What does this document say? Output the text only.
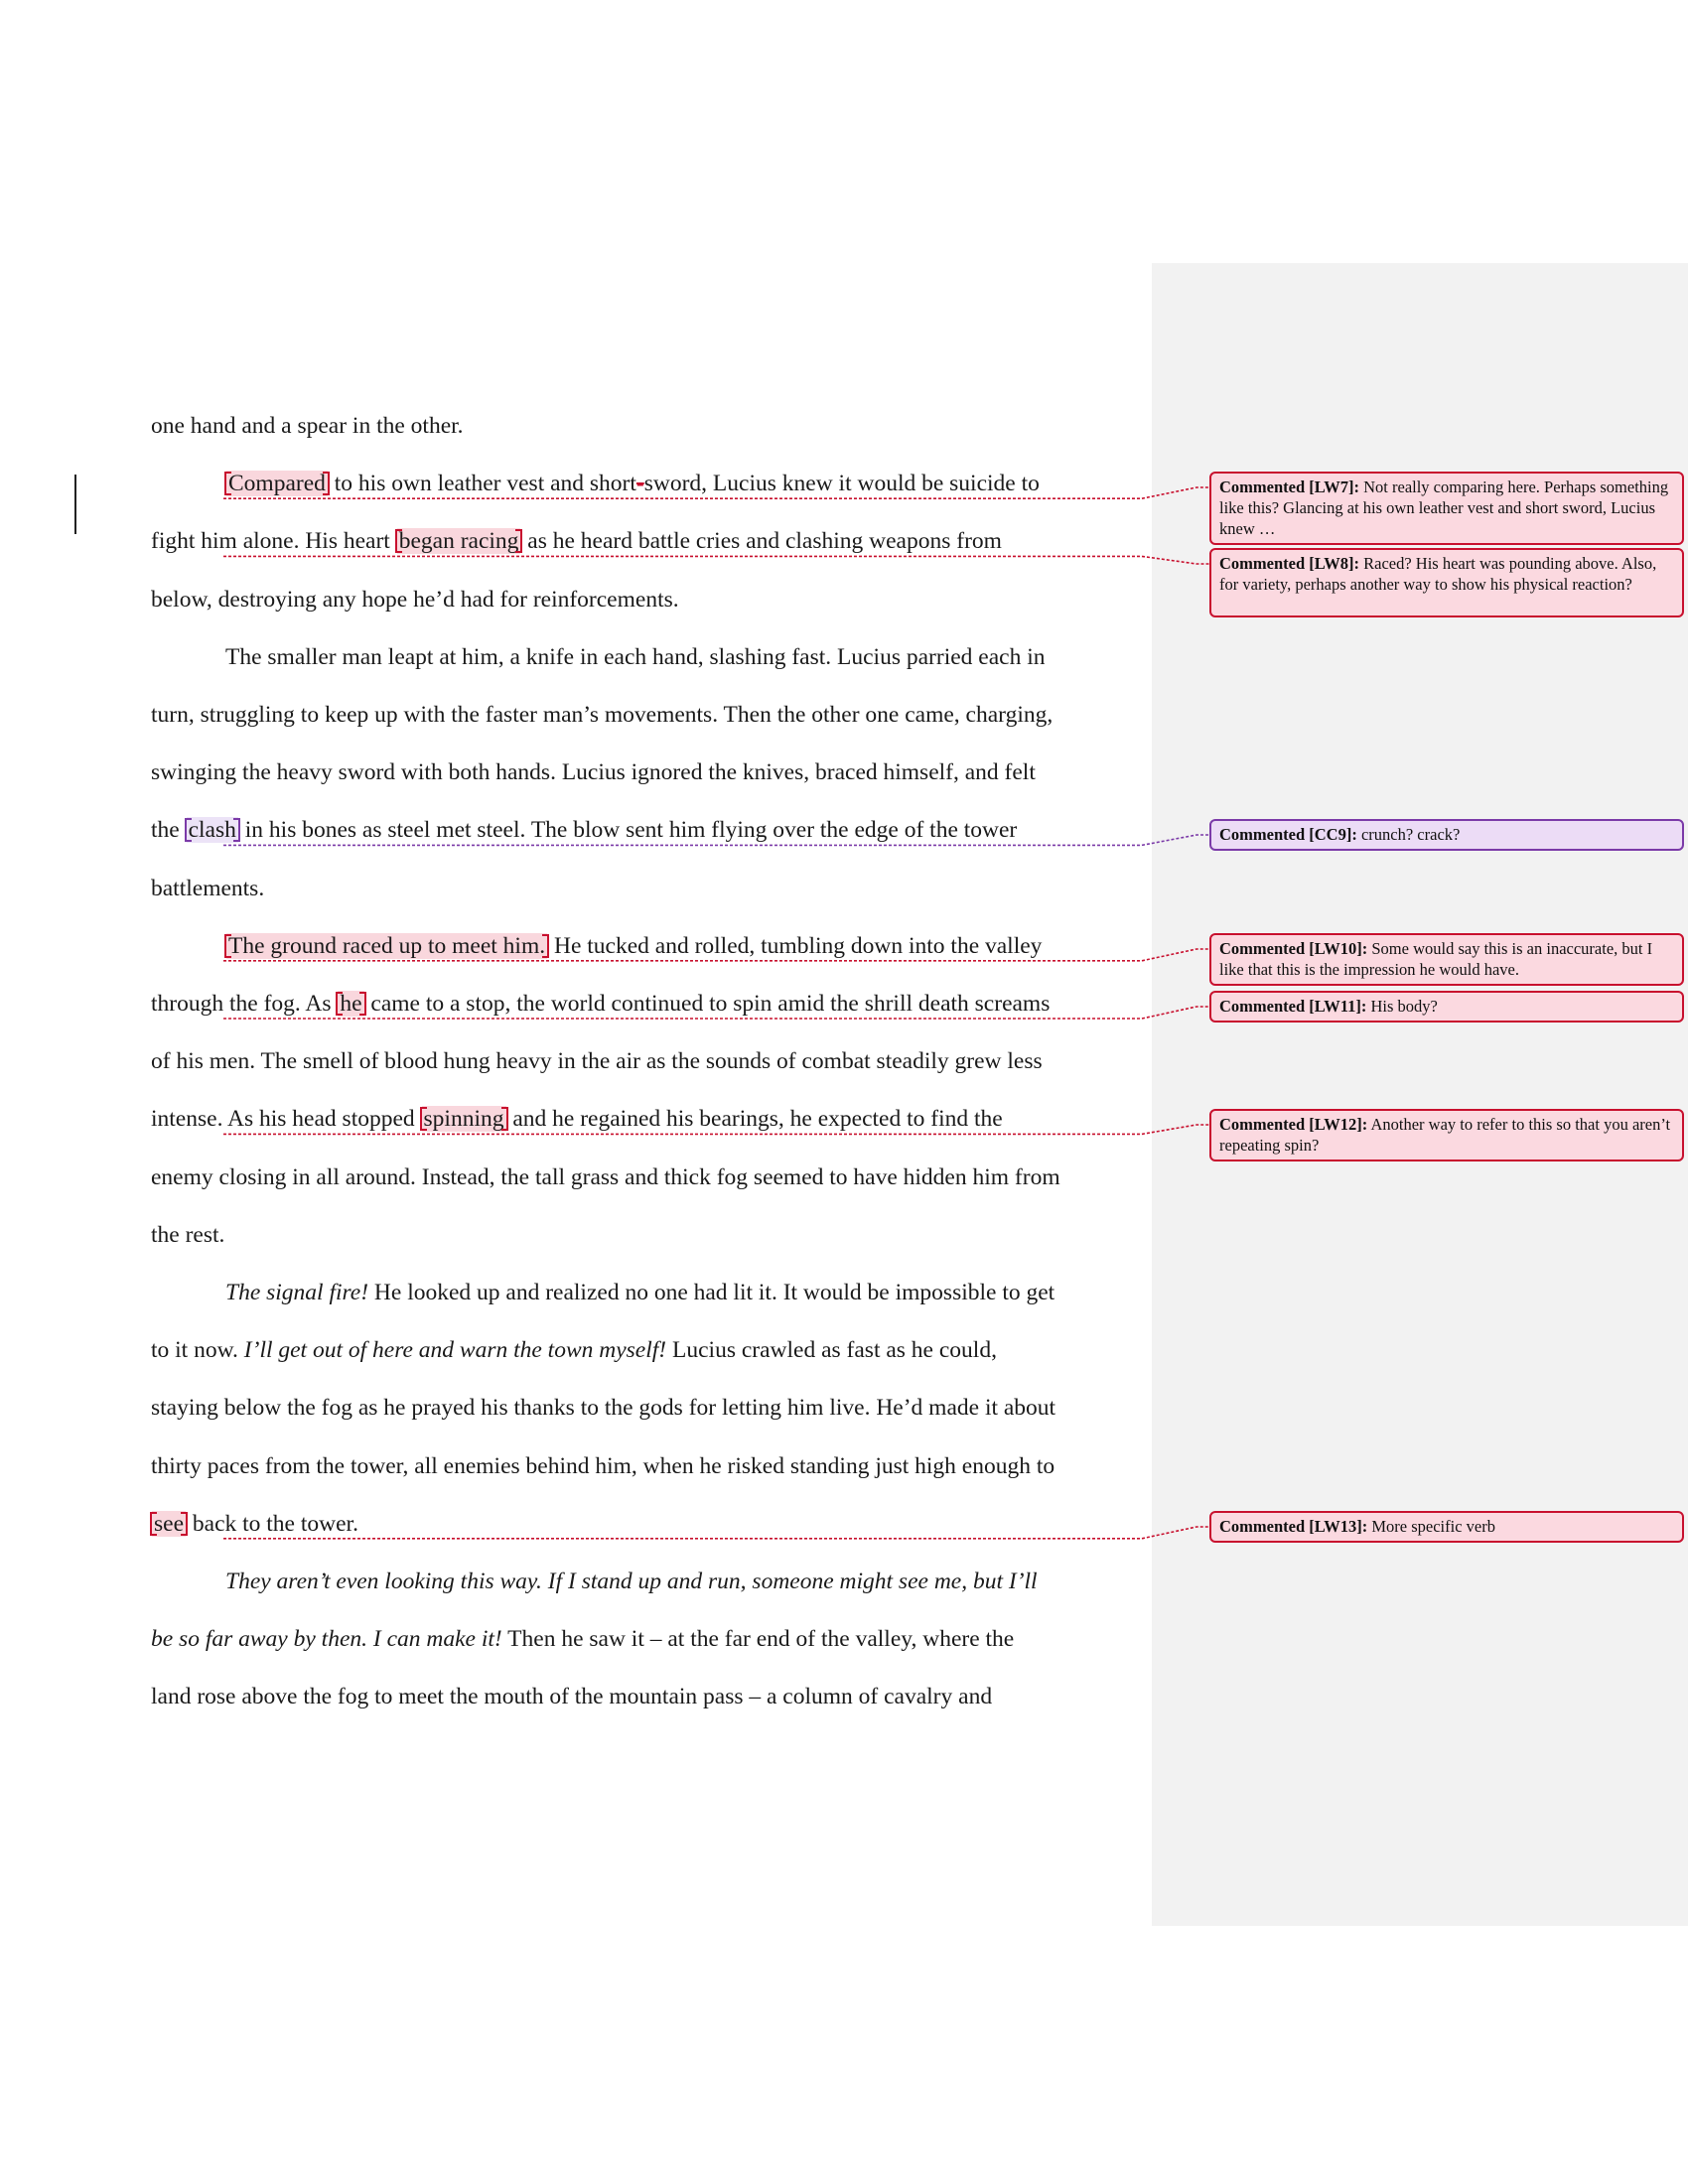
one hand and a spear in the other.
Compared to his own leather vest and short-sword, Lucius knew it would be suicide to
fight him alone. His heart began racing as he heard battle cries and clashing weapons from
below, destroying any hope he’d had for reinforcements.
The smaller man leapt at him, a knife in each hand, slashing fast. Lucius parried each in
turn, struggling to keep up with the faster man’s movements. Then the other one came, charging,
swinging the heavy sword with both hands. Lucius ignored the knives, braced himself, and felt
the clash in his bones as steel met steel. The blow sent him flying over the edge of the tower
battlements.
The ground raced up to meet him. He tucked and rolled, tumbling down into the valley
through the fog. As he came to a stop, the world continued to spin amid the shrill death screams
of his men. The smell of blood hung heavy in the air as the sounds of combat steadily grew less
intense. As his head stopped spinning and he regained his bearings, he expected to find the
enemy closing in all around. Instead, the tall grass and thick fog seemed to have hidden him from
the rest.
The signal fire! He looked up and realized no one had lit it. It would be impossible to get
to it now. I’ll get out of here and warn the town myself! Lucius crawled as fast as he could,
staying below the fog as he prayed his thanks to the gods for letting him live. He’d made it about
thirty paces from the tower, all enemies behind him, when he risked standing just high enough to
see back to the tower.
They aren’t even looking this way. If I stand up and run, someone might see me, but I’ll
be so far away by then. I can make it! Then he saw it – at the far end of the valley, where the
land rose above the fog to meet the mouth of the mountain pass – a column of cavalry and
Commented [LW7]: Not really comparing here. Perhaps something like this? Glancing at his own leather vest and short sword, Lucius knew …
Commented [LW8]: Raced? His heart was pounding above. Also, for variety, perhaps another way to show his physical reaction?
Commented [CC9]: crunch? crack?
Commented [LW10]: Some would say this is an inaccurate, but I like that this is the impression he would have.
Commented [LW11]: His body?
Commented [LW12]: Another way to refer to this so that you aren’t repeating spin?
Commented [LW13]: More specific verb
